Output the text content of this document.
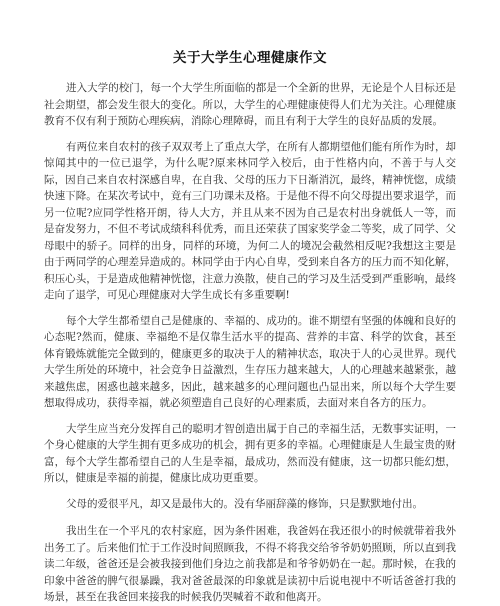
关于大学生心理健康作文

进入大学的校门，每一个大学生所面临的都是一个全新的世界，无论是个人目标还是社会期望，都会发生很大的变化。所以，大学生的心理健康使得人们尤为关注。心理健康教育不仅有利于预防心理疾病，消除心理障碍，而且有利于大学生的良好品质的发展。

有两位来自农村的孩子双双考上了重点大学，在所有人都期望他们能有所作为时，却惊闻其中的一位已退学，为什么呢?原来林同学入校后，由于性格内向，不善于与人交际，因自己来自农村深感自卑，在自我、父母的压力下日渐消沉，最终，精神恍惚，成绩快速下降。在某次考试中，竟有三门功课未及格。于是他不得不向父母提出要求退学，而另一位呢?应同学性格开朗，待人大方，并且从来不因为自己是农村出身就低人一等，而是奋发努力，不但不考试成绩科科优秀，而且还荣获了国家奖学金二等奖，成了同学、父母眼中的骄子。同样的出身，同样的环境，为何二人的境况会截然相反呢?我想这主要是由于两同学的心理差异造成的。林同学由于内心自卑，受到来自各方的压力而不知化解，积压心头，于是造成他精神恍惚，注意力涣散，使自己的学习及生活受到严重影响，最终走向了退学，可见心理健康对大学生成长有多重要啊!

每个大学生都希望自己是健康的、幸福的、成功的。谁不期望有坚强的体魄和良好的心态呢?然而，健康、幸福绝不是仅靠生活水平的提高、营养的丰富、科学的饮食，甚至体育锻炼就能完全做到的，健康更多的取决于人的精神状态，取决于人的心灵世界。现代大学生所处的环境中，社会竞争日益激烈，生存压力越来越大，人的心理越来越紧张，越来越焦虑，困惑也越来越多，因此，越来越多的心理问题也凸显出来，所以每个大学生要想取得成功，获得幸福，就必须塑造自己良好的心理素质，去面对来自各方的压力。

大学生应当充分发挥自己的聪明才智创造出属于自己的幸福生活，无数事实证明，一个身心健康的大学生拥有更多成功的机会，拥有更多的幸福。心理健康是人生最宝贵的财富，每个大学生都希望自己的人生是幸福，最成功，然而没有健康，这一切都只能幻想，所以，健康是幸福的前提，健康比成功更重要。

父母的爱很平凡，却又是最伟大的。没有华丽辞藻的修饰，只是默默地付出。

我出生在一个平凡的农村家庭，因为条件困难，我爸妈在我还很小的时候就带着我外出务工了。后来他们忙于工作没时间照顾我，不得不将我交给爷爷奶奶照顾，所以直到我读二年级，爸爸还是会被我接到他们身边之前我都是和爷爷奶奶在一起。那时候，在我的印象中爸爸的脾气很暴躁，我对爸爸最深的印象就是读初中后说电视中不听话爸爸打我的场景，甚至在我爸回来接我的时候我仍哭喊着不敢和他离开。
